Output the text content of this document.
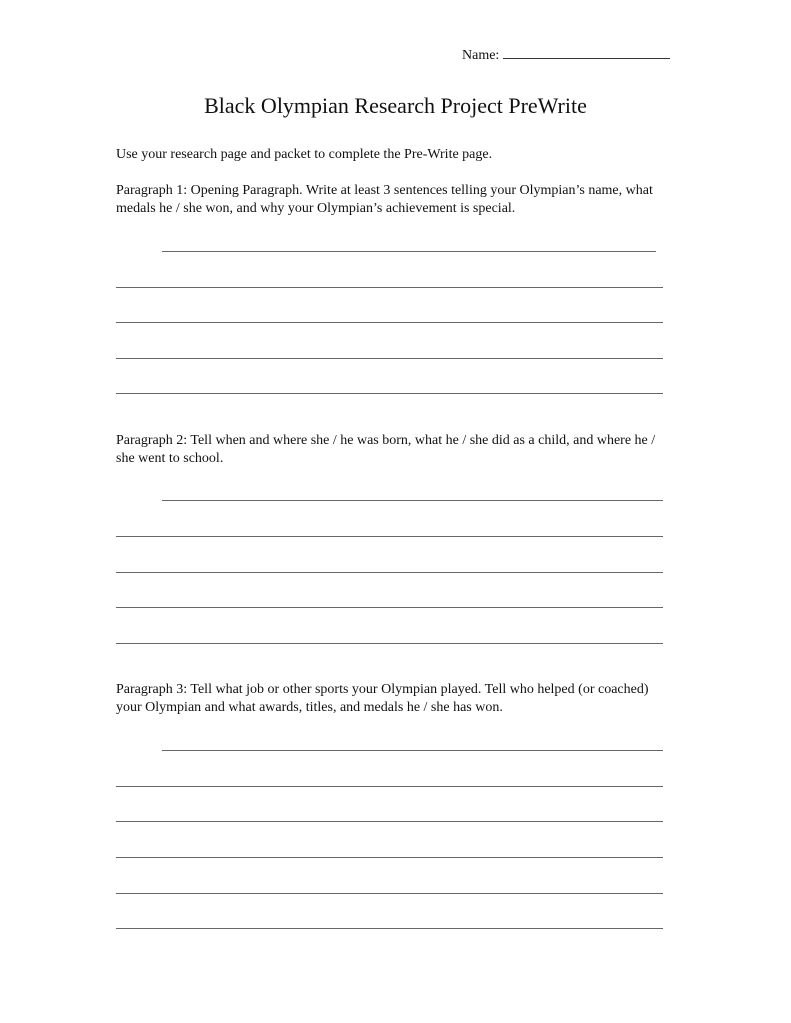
Name:
Black Olympian Research Project PreWrite
Use your research page and packet to complete the Pre-Write page.
Paragraph 1: Opening Paragraph. Write at least 3 sentences telling your Olympian’s name, what medals he / she won, and why your Olympian’s achievement is special.
Paragraph 2: Tell when and where she / he was born, what he / she did as a child, and where he / she went to school.
Paragraph 3: Tell what job or other sports your Olympian played. Tell who helped (or coached) your Olympian and what awards, titles, and medals he / she has won.
